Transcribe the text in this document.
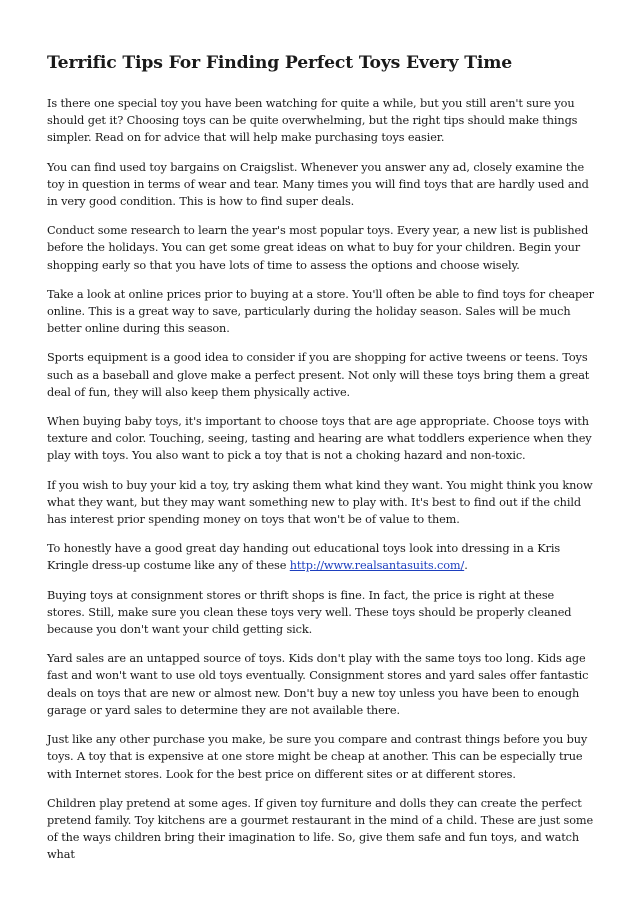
Terrific Tips For Finding Perfect Toys Every Time

Is there one special toy you have been watching for quite a while, but you still aren't sure you should get it? Choosing toys can be quite overwhelming, but the right tips should make things simpler. Read on for advice that will help make purchasing toys easier.

You can find used toy bargains on Craigslist. Whenever you answer any ad, closely examine the toy in question in terms of wear and tear. Many times you will find toys that are hardly used and in very good condition. This is how to find super deals.

Conduct some research to learn the year's most popular toys. Every year, a new list is published before the holidays. You can get some great ideas on what to buy for your children. Begin your shopping early so that you have lots of time to assess the options and choose wisely.

Take a look at online prices prior to buying at a store. You'll often be able to find toys for cheaper online. This is a great way to save, particularly during the holiday season. Sales will be much better online during this season.

Sports equipment is a good idea to consider if you are shopping for active tweens or teens. Toys such as a baseball and glove make a perfect present. Not only will these toys bring them a great deal of fun, they will also keep them physically active.

When buying baby toys, it's important to choose toys that are age appropriate. Choose toys with texture and color. Touching, seeing, tasting and hearing are what toddlers experience when they play with toys. You also want to pick a toy that is not a choking hazard and non-toxic.

If you wish to buy your kid a toy, try asking them what kind they want. You might think you know what they want, but they may want something new to play with. It's best to find out if the child has interest prior spending money on toys that won't be of value to them.

To honestly have a good great day handing out educational toys look into dressing in a Kris Kringle dress-up costume like any of these http://www.realsantasuits.com/.

Buying toys at consignment stores or thrift shops is fine. In fact, the price is right at these stores. Still, make sure you clean these toys very well. These toys should be properly cleaned because you don't want your child getting sick.

Yard sales are an untapped source of toys. Kids don't play with the same toys too long. Kids age fast and won't want to use old toys eventually. Consignment stores and yard sales offer fantastic deals on toys that are new or almost new. Don't buy a new toy unless you have been to enough garage or yard sales to determine they are not available there.

Just like any other purchase you make, be sure you compare and contrast things before you buy toys. A toy that is expensive at one store might be cheap at another. This can be especially true with Internet stores. Look for the best price on different sites or at different stores.

Children play pretend at some ages. If given toy furniture and dolls they can create the perfect pretend family. Toy kitchens are a gourmet restaurant in the mind of a child. These are just some of the ways children bring their imagination to life. So, give them safe and fun toys, and watch what
